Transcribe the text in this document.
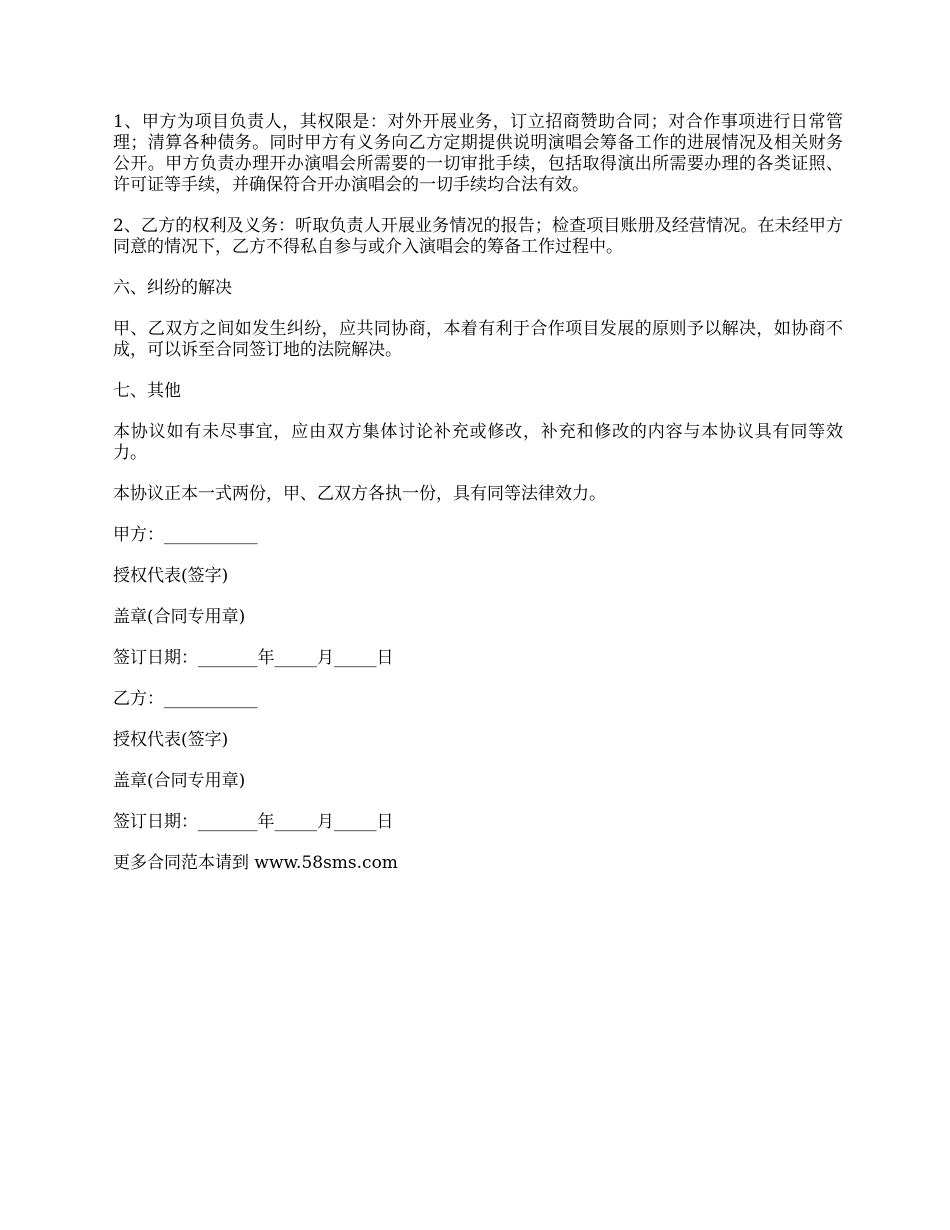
1、甲方为项目负责人，其权限是：对外开展业务，订立招商赞助合同；对合作事项进行日常管理；清算各种债务。同时甲方有义务向乙方定期提供说明演唱会筹备工作的进展情况及相关财务公开。甲方负责办理开办演唱会所需要的一切审批手续，包括取得演出所需要办理的各类证照、许可证等手续，并确保符合开办演唱会的一切手续均合法有效。

2、乙方的权利及义务：听取负责人开展业务情况的报告；检查项目账册及经营情况。在未经甲方同意的情况下，乙方不得私自参与或介入演唱会的筹备工作过程中。

六、纠纷的解决

甲、乙双方之间如发生纠纷，应共同协商，本着有利于合作项目发展的原则予以解决，如协商不成，可以诉至合同签订地的法院解决。

七、其他

本协议如有未尽事宜，应由双方集体讨论补充或修改，补充和修改的内容与本协议具有同等效力。

本协议正本一式两份，甲、乙双方各执一份，具有同等法律效力。

甲方：___________

授权代表(签字)

盖章(合同专用章)

签订日期：_______年_____月_____日

乙方：___________

授权代表(签字)

盖章(合同专用章)

签订日期：_______年_____月_____日

更多合同范本请到 www.58sms.com
